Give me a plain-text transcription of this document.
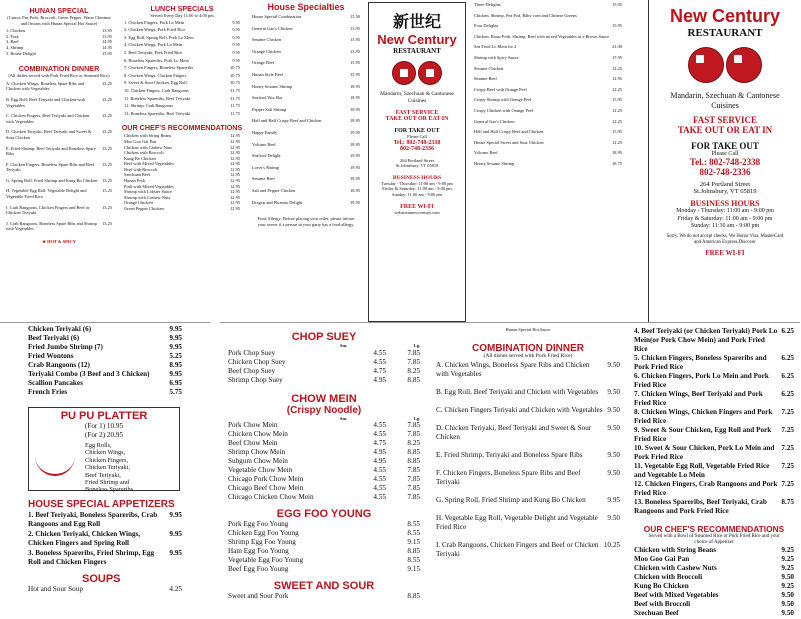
HUNAN SPECIAL
(Carrot, Pea Pods, Broccoli, Green Pepper, Water Chestnut and Onions with Hunan Special Hot Sauce)
1. Chicken	13.95
2. Pork	13.95
3. Beef	14.95
4. Shrimp	14.95
5. House Delight	15.95
COMBINATION DINNER
(All dishes served with Pork Fried Rice or Steamed Rice)
A. Chicken Wings, Boneless Spare Ribs and Chicken with Vegetables
13.25
B. Egg Roll, Beef Teriyaki and Chicken with Vegetables
13.25
C. Chicken Fingers, Beef Teriyaki and Chicken with Vegetables
13.25
D. Chicken Teriyaki, Beef Teriyaki and Sweet & Sour Chicken
13.25
E. Fried Shrimp, Beef Teriyaki and Boneless Spare Ribs
13.25
F. Chicken Fingers, Boneless Spare Ribs and Beef Teriyaki
13.25
G. Spring Roll, Fried Shrimp and Kung Bo Chicken	13.25
H. Vegetable Egg Roll, Vegetable Delight and Vegetable Fried Rice
13.25
I. Crab Rangoons, Chicken Fingers and Beef or Chicken Teriyaki
13.25
J. Crab Rangoons, Boneless Spare Ribs and Shrimp with Vegetables
13.25
★ HOT & SPICY
LUNCH SPECIALS
Served Every Day 11:00 to 4:00 pm
1. Chicken Fingers, Pork Lo Mein	9.95
2. Chicken Wings, Pork Fried Rice	9.95
3. Egg Roll, Spring Roll, Pork Lo Mein	9.95
4. Chicken Wings, Pork Lo Mein	9.95
5. Beef Teriyaki, Pork Fried Rice	9.95
6. Boneless Spareribs, Pork Lo Mein	9.95
7. Chicken Fingers, Boneless Spareribs	10.75
8. Chicken Wings, Chicken Fingers	10.75
9. Sweet & Sour Chicken, Egg Roll	10.75
10. Chicken Fingers, Crab Rangoons	11.75
11. Boneless Spareribs, Beef Teriyaki	11.75
12. Shrimp, Crab Rangoons	11.75
13. Boneless Spareribs, Beef Teriyaki	11.75
OUR CHEF'S RECOMMENDATIONS
Chicken with String Beans	12.95
Moo Goo Gai Pan	12.95
Chicken with Cashew Nuts	12.95
Chicken with Broccoli	12.95
Kung Bo Chicken	12.95
Beef with Mixed Vegetables	12.95
Beef with Broccoli	12.95
Szechuan Beef	12.95
Hunan Pork	12.95
Pork with Mixed Vegetables	12.95
Shrimp with Lobster Sauce	12.95
Shrimp with Cashew Nuts	12.95
Orange Chicken	12.95
Green Pepper Chicken	12.95
House Specialties
House Special Combination	15.50
General Gao's Chicken	13.95
Sesame Chicken	13.95
Orange Chicken	13.95
Orange Beef	15.95
Hunan Style Beef	15.95
Honey Sesame Shrimp	18.95
Seafood Wor Bar	18.95
Pepper Salt Shrimp	18.95
Half and Half Crispy Beef and Chicken	18.95
Happy Family	19.95
Volcano Beef	18.95
Seafood Delight	19.95
Lover's Shrimp	19.95
Sesame Beef	18.95
Salt and Pepper Chicken	16.95
Dragon and Phoenix Delight	19.95
Food Allergy: Before placing your order, please inform your server if a person in your party has a food allergy.
新世纪
New Century
RESTAURANT
Mandarin, Szechuan & Cantonese Cuisines
FAST SERVICE
TAKE OUT OR EAT IN
FOR TAKE OUT
Please Call
Tel.: 802-748-2338
802-748-2336
264 Portland Street
St.Johnsbury, VT 05819
BUSINESS HOURS
Tuesday - Thursday: 11:00 am - 9:00 pm
Friday & Saturday: 11:00 am - 9:00 pm
Sunday: 11:00 am - 9:00 pm
FREE WI-FI
websiteatnewcentury.com
Three-Delights	15.95
Chicken, Shrimp, Pea Pod, Baby corn and Chinese Greens
Four Delights	15.95
Chicken, Roast Pork, Shrimp, Beef with mixed Vegetables in a Brown Sauce
Sea Food Lo Mein for 2	21.00
Shrimp with Spicy Sauce	17.95
Sesame Chicken	12.25
Sesame Beef	12.95
Crispy Beef with Orange Peel	12.25
Crispy Shrimp with Orange Peel	15.95
Crispy Chicken with Orange Peel	12.25
General Gao's Chicken	12.25
Half and Half Crispy Beef and Chicken	15.95
House Special Sweet and Sour Chicken	12.25
Volcano Beef	18.95
Honey Sesame Shrimp	18.75
New Century
RESTAURANT
Mandarin, Szechuan & Cantonese Cuisines
FAST SERVICE
TAKE OUT OR EAT IN
FOR TAKE OUT
Please Call
Tel.: 802-748-2338
802-748-2336
264 Portland Street
St.Johnsbury, VT 05819
BUSINESS HOURS
Monday - Thursday: 11:00 am - 9:00 pm
Friday & Saturday: 11:00 am - 9:00 pm
Sunday: 11:30 am - 9:00 pm
Sorry. We do not accept checks. We Honor Visa, MasterCard and American Express,Discover
FREE WI-FI
Chicken Teriyaki (6)	9.95
Beef Teriyaki (6)	9.95
Fried Jumbo Shrimp (7)	9.95
Fried Wontons	5.25
Crab Rangoons (12)	8.95
Teriyaki Combo (3 Beef and 3 Chicken)	9.95
Scallion Pancakes	6.95
French Fries	5.75
PU PU PLATTER
(For 1) 10.95
(For 2) 20.95
Egg Rolls,
Chicken Wings,
Chicken Fingers,
Chicken Teriyaki,
Beef Teriyaki,
Fried Shrimp and
Boneless Spareribs
HOUSE SPECIAL APPETIZERS
1. Beef Teriyaki, Boneless Spareribs, Crab Rangoons and Egg Roll
9.95
2. Chicken Teriyaki, Chicken Wings, Chicken Fingers and Spring Roll
9.95
3. Boneless Spareribs, Fried Shrimp, Egg Roll and Chicken Fingers
9.95
SOUPS
Hot and Sour Soup	4.25
CHOP SUEY
Sm.	Lg.
Pork Chop Suey	4.55	7.85
Chicken Chop Suey	4.55	7.85
Beef Chop Suey	4.75	8.25
Shrimp Chop Suey	4.95	8.85
CHOW MEIN
(Crispy Noodle)
Sm.	Lg.
Pork Chow Mein	4.55	7.85
Chicken Chow Mein	4.55	7.85
Beef Chow Mein	4.75	8.25
Shrimp Chow Mein	4.95	8.85
Subgum Chow Mein	4.95	8.85
Vegetable Chow Mein	4.55	7.85
Chicago Pork Chow Mein	4.55	7.85
Chicago Beef Chow Mein	4.55	7.85
Chicago Chicken Chow Mein	4.55	7.85
EGG FOO YOUNG
Pork Egg Foo Young	8.55
Chicken Egg Foo Young	8.55
Shrimp Egg Foo Young	9.15
Ham Egg Foo Young	8.85
Vegetable Egg Foo Young	8.55
Beef Egg Foo Young	9.15
SWEET AND SOUR
Sweet and Sour Pork	8.85
Hunan Special Hot Sauce
COMBINATION DINNER
(All dishes served with Pork Fried Rice)
A. Chicken Wings, Boneless Spare Ribs and Chicken with Vegetables
9.50
B. Egg Roll, Beef Teriyaki and Chicken with Vegetables	9.50
C. Chicken Fingers Teriyaki and Chicken with Vegetables 9.50
D. Chicken Teriyaki, Beef Teriyaki and Sweet & Sour Chicken
9.50
E. Fried Shrimp, Teriyaki and Boneless Spare Ribs	9.50
F. Chicken Fingers, Boneless Spare Ribs and Beef Teriyaki
9.50
G. Spring Roll, Fried Shrimp and Kung Bo Chicken	9.95
H. Vegetable Egg Roll, Vegetable Delight and Vegetable Fried Rice
9.50
I. Crab Rangoons, Chicken Fingers and Beef or Chicken Teriyaki
10.25
4. Beef Teriyaki (or Chicken Teriyaki) Pork Lo Mein(or Pork Chow Mein) and Pork Fried Rice
6.25
5. Chicken Fingers, Boneless Spareribs and Pork Fried Rice
6.25
6. Chicken Fingers, Pork Lo Mein and Pork Fried Rice
6.25
7. Chicken Wings, Beef Teriyaki and Pork Fried Rice
6.25
8. Chicken Wings, Chicken Fingers and Pork Fried Rice
7.25
9. Sweet & Sour Chicken, Egg Roll and Pork Fried Rice
7.25
10. Sweet & Sour Chicken, Pork Lo Mein and Pork Fried Rice
7.25
11. Vegetable Egg Roll, Vegetable Fried Rice and Vegetable Lo Mein
7.25
12. Chicken Fingers, Crab Rangoons and Pork Fried Rice
7.25
13. Boneless Spareribs, Beef Teriyaki, Crab Rangoons and Pork Fried Rice
8.75
OUR CHEF'S RECOMMENDATIONS
Served with a Bowl of Steamed Rice or Pork Fried Rice and your choice of Appetizer
Chicken with String Beans	9.25
Moo Goo Gai Pan	9.25
Chicken with Cashew Nuts	9.25
Chicken with Broccoli	9.50
Kung Bo Chicken	9.25
Beef with Mixed Vegetables	9.50
Beef with Broccoli	9.50
Szechuan Beef	9.50
